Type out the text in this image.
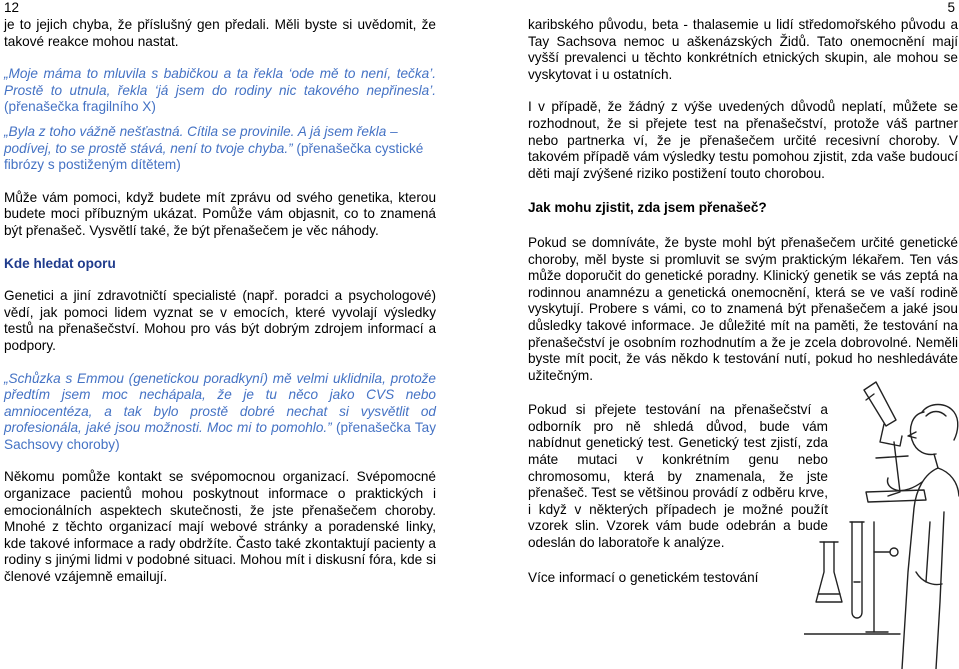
12	5

je to jejich chyba, že příslušný gen předali. Měli byste si uvědomit, že takové reakce mohou nastat.

„Moje máma to mluvila s babičkou a ta řekla ‘ode mě to není, tečka’. Prostě to utnula, řekla ‘já jsem do rodiny nic takového nepřinesla’. (přenašečka fragilního X)

„Byla z toho vážně nešťastná. Cítila se provinile. A já jsem řekla – podívej, to se prostě stává, není to tvoje chyba.” (přenašečka cystické fibrózy s postiženým dítětem)

Může vám pomoci, když budete mít zprávu od svého genetika, kterou budete moci příbuzným ukázat. Pomůže vám objasnit, co to znamená být přenašeč. Vysvětlí také, že být přenašečem je věc náhody.

Kde hledat oporu

Genetici a jiní zdravotničtí specialisté (např. poradci a psychologové) vědí, jak pomoci lidem vyznat se v emocích, které vyvolají výsledky testů na přenašečství. Mohou pro vás být dobrým zdrojem informací a podpory.

„Schůzka s Emmou (genetickou poradkyní) mě velmi uklidnila, protože předtím jsem moc nechápala, že je tu něco jako CVS nebo amniocentéza, a tak bylo prostě dobré nechat si vysvětlit od profesionála, jaké jsou možnosti. Moc mi to pomohlo.” (přenašečka Tay Sachsovy choroby)

Někomu pomůže kontakt se svépomocnou organizací. Svépomocné organizace pacientů mohou poskytnout informace o praktických i emocionálních aspektech skutečnosti, že jste přenašečem choroby. Mnohé z těchto organizací mají webové stránky a poradenské linky, kde takové informace a rady obdržíte. Často také zkontaktují pacienty a rodiny s jinými lidmi v podobné situaci. Mohou mít i diskusní fóra, kde si členové vzájemně emailují.

karibského původu, beta - thalasemie u lidí středomořského původu a Tay Sachsova nemoc u aškenázských Židů. Tato onemocnění mají vyšší prevalenci u těchto konkrétních etnických skupin, ale mohou se vyskytovat i u ostatních.

I v případě, že žádný z výše uvedených důvodů neplatí, můžete se rozhodnout, že si přejete test na přenašečství, protože váš partner nebo partnerka ví, že je přenašečem určité recesivní choroby. V takovém případě vám výsledky testu pomohou zjistit, zda vaše budoucí děti mají zvýšené riziko postižení touto chorobou.

Jak mohu zjistit, zda jsem přenašeč?

Pokud se domníváte, že byste mohl být přenašečem určité genetické choroby, měl byste si promluvit se svým praktickým lékařem. Ten vás může doporučit do genetické poradny. Klinický genetik se vás zeptá na rodinnou anamnézu a genetická onemocnění, která se ve vaší rodině vyskytují. Probere s vámi, co to znamená být přenašečem a jaké jsou důsledky takové informace. Je důležité mít na paměti, že testování na přenašečství je osobním rozhodnutím a že je zcela dobrovolné. Neměli byste mít pocit, že vás někdo k testování nutí, pokud ho neshledáváte užitečným.

Pokud si přejete testování na přenašečství a odborník pro ně shledá důvod, bude vám nabídnut genetický test. Genetický test zjistí, zda máte mutaci v konkrétním genu nebo chromosomu, která by znamenala, že jste přenašeč. Test se většinou provádí z odběru krve, i když v některých případech je možné použít vzorek slin. Vzorek vám bude odebrán a bude odeslán do laboratoře k analýze.

Více informací o genetickém testování
